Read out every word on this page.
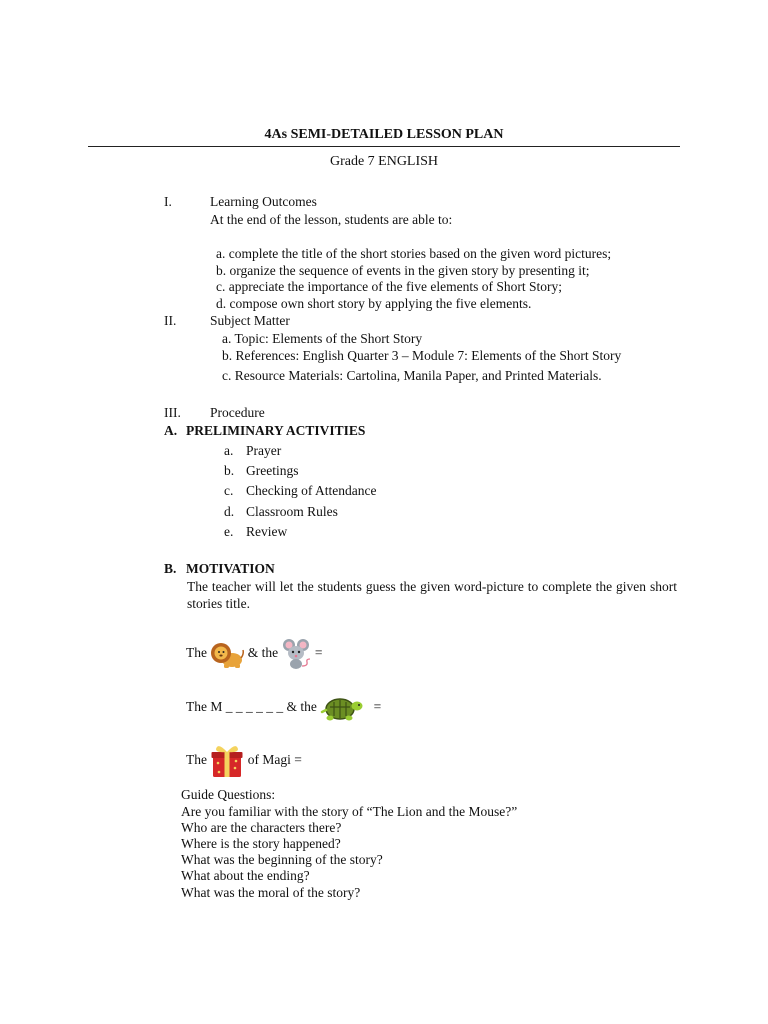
4As SEMI-DETAILED LESSON PLAN
Grade 7 ENGLISH
I.	Learning Outcomes
At the end of the lesson, students are able to:
a. complete the title of the short stories based on the given word pictures;
b. organize the sequence of events in the given story by presenting it;
c. appreciate the importance of the five elements of Short Story;
d. compose own short story by applying the five elements.
II. Subject Matter
a. Topic: Elements of the Short Story
b. References: English Quarter 3 – Module 7: Elements of the Short Story
c. Resource Materials: Cartolina, Manila Paper, and Printed Materials.
III. Procedure
A. PRELIMINARY ACTIVITIES
a. Prayer
b. Greetings
c. Checking of Attendance
d. Classroom Rules
e. Review
B. MOTIVATION
The teacher will let the students guess the given word-picture to complete the given short stories title.
The	& the	=
The M _ _ _ _ _ _ & the	=
The	of Magi =
Guide Questions:
Are you familiar with the story of “The Lion and the Mouse?”
Who are the characters there?
Where is the story happened?
What was the beginning of the story?
What about the ending?
What was the moral of the story?
